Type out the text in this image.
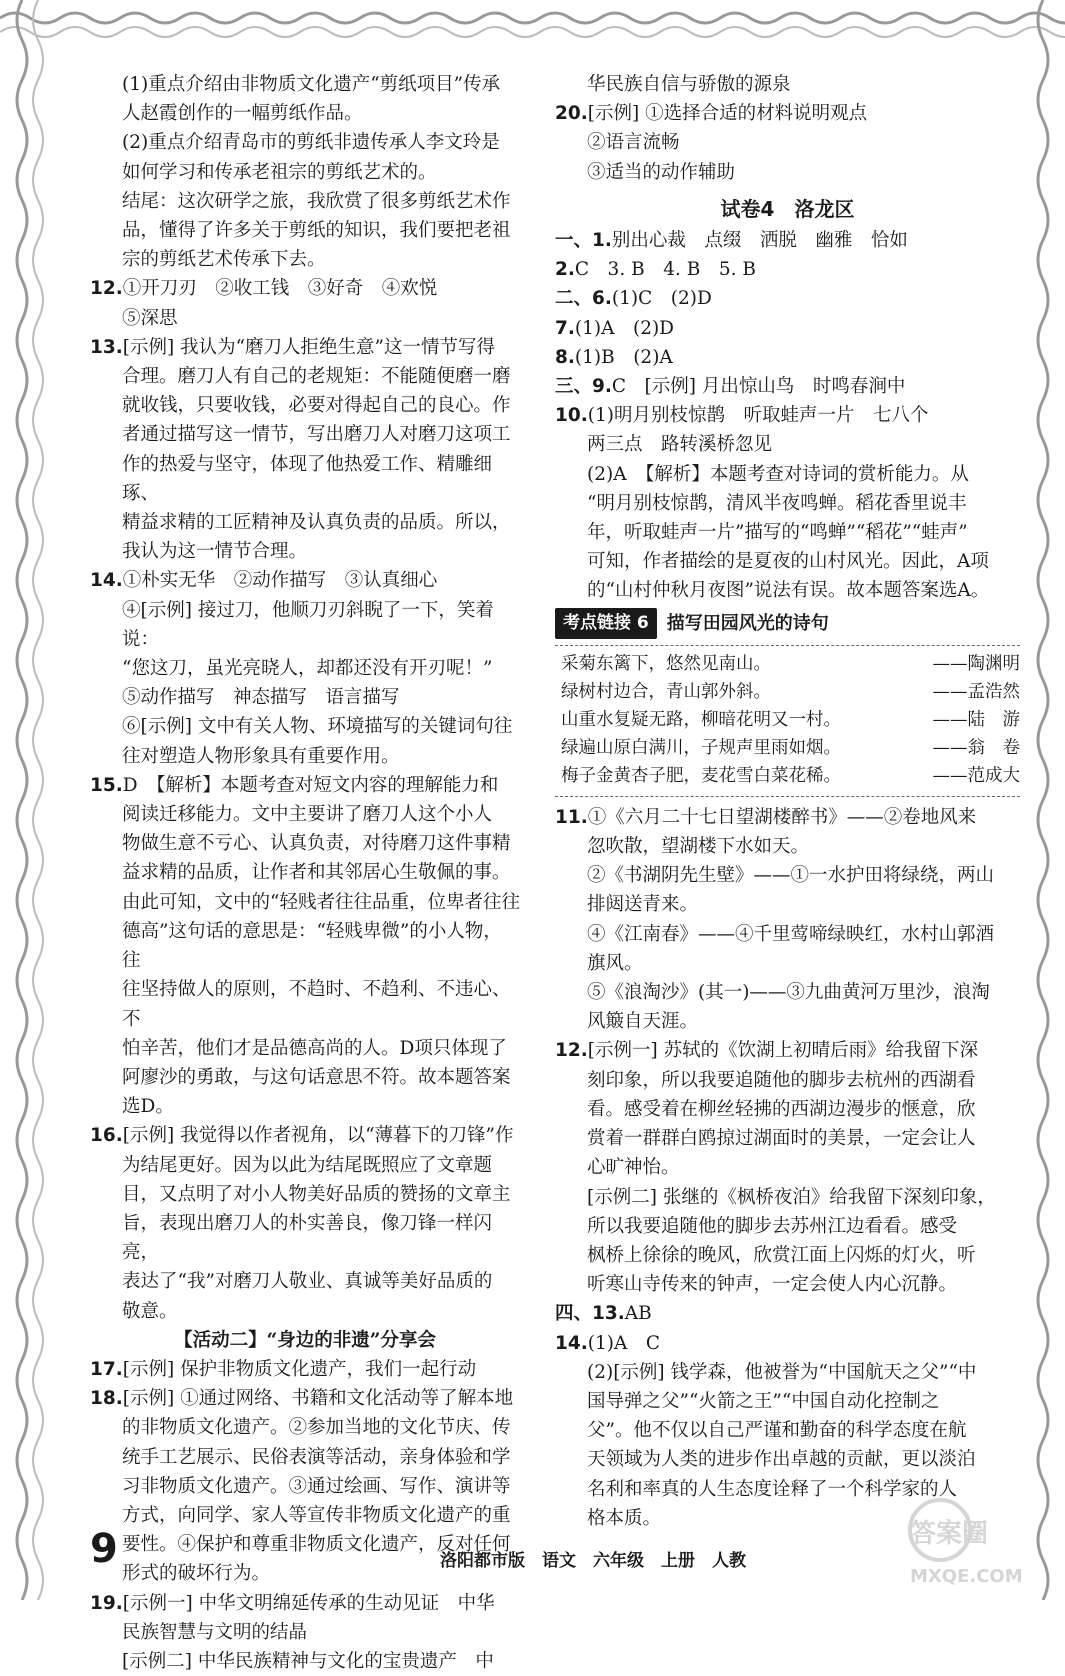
(1)重点介绍由非物质文化遗产“剪纸项目”传承

人赵霞创作的一幅剪纸作品。

(2)重点介绍青岛市的剪纸非遗传承人李文玲是

如何学习和传承老祖宗的剪纸艺术的。

结尾：这次研学之旅，我欣赏了很多剪纸艺术作

品，懂得了许多关于剪纸的知识，我们要把老祖

宗的剪纸艺术传承下去。

12.①开刀刃　②收工钱　③好奇　④欢悦

⑤深思

13.[示例] 我认为“磨刀人拒绝生意”这一情节写得

合理。磨刀人有自己的老规矩：不能随便磨一磨

就收钱，只要收钱，必要对得起自己的良心。作

者通过描写这一情节，写出磨刀人对磨刀这项工

作的热爱与坚守，体现了他热爱工作、精雕细琢、

精益求精的工匠精神及认真负责的品质。所以，

我认为这一情节合理。

14.①朴实无华　②动作描写　③认真细心

④[示例] 接过刀，他顺刀刃斜睨了一下，笑着说：

“您这刀，虽光亮晓人，却都还没有开刃呢！”

⑤动作描写　神态描写　语言描写

⑥[示例] 文中有关人物、环境描写的关键词句往

往对塑造人物形象具有重要作用。

15.D　【解析】本题考查对短文内容的理解能力和

阅读迁移能力。文中主要讲了磨刀人这个小人

物做生意不亏心、认真负责，对待磨刀这件事精

益求精的品质，让作者和其邻居心生敬佩的事。

由此可知，文中的“轻贱者往往品重，位卑者往往

德高”这句话的意思是：“轻贱卑微”的小人物，往

往坚持做人的原则，不趋时、不趋利、不违心、不

怕辛苦，他们才是品德高尚的人。D项只体现了

阿廖沙的勇敢，与这句话意思不符。故本题答案

选D。

16.[示例] 我觉得以作者视角，以“薄暮下的刀锋”作

为结尾更好。因为以此为结尾既照应了文章题

目，又点明了对小人物美好品质的赞扬的文章主

旨，表现出磨刀人的朴实善良，像刀锋一样闪亮，

表达了“我”对磨刀人敬业、真诚等美好品质的

敬意。

【活动二】“身边的非遗”分享会

17.[示例] 保护非物质文化遗产，我们一起行动

18.[示例] ①通过网络、书籍和文化活动等了解本地

的非物质文化遗产。②参加当地的文化节庆、传

统手工艺展示、民俗表演等活动，亲身体验和学

习非物质文化遗产。③通过绘画、写作、演讲等

方式，向同学、家人等宣传非物质文化遗产的重

要性。④保护和尊重非物质文化遗产，反对任何

形式的破坏行为。

19.[示例一] 中华文明绵延传承的生动见证　中华

民族智慧与文明的结晶

[示例二] 中华民族精神与文化的宝贵遗产　中

华民族自信与骄傲的源泉

20.[示例] ①选择合适的材料说明观点

②语言流畅

③适当的动作辅助

试卷4　洛龙区

一、1.别出心裁　点缀　洒脱　幽雅　恰如

2.C　3. B　4. B　5. B

二、6.(1)C　(2)D

7.(1)A　(2)D

8.(1)B　(2)A

三、9.C　[示例] 月出惊山鸟　时鸣春涧中

10.(1)明月别枝惊鹊　听取蛙声一片　七八个

两三点　路转溪桥忽见

(2)A　【解析】本题考查对诗词的赏析能力。从

“明月别枝惊鹊，清风半夜鸣蝉。稻花香里说丰

年，听取蛙声一片”描写的“鸣蝉”“稻花”“蛙声”

可知，作者描绘的是夏夜的山村风光。因此，A项

的“山村仲秋月夜图”说法有误。故本题答案选A。

考点链接 6	描写田园风光的诗句
采菊东篱下，悠然见南山。	——陶渊明
绿树村边合，青山郭外斜。	——孟浩然
山重水复疑无路，柳暗花明又一村。	——陆　游
绿遍山原白满川，子规声里雨如烟。	——翁　卷
梅子金黄杏子肥，麦花雪白菜花稀。	——范成大

11.①《六月二十七日望湖楼醉书》——②卷地风来

忽吹散，望湖楼下水如天。

②《书湖阴先生壁》——①一水护田将绿绕，两山

排闼送青来。

④《江南春》——④千里莺啼绿映红，水村山郭酒

旗风。

⑤《浪淘沙》(其一)——③九曲黄河万里沙，浪淘

风簸自天涯。

12.[示例一] 苏轼的《饮湖上初晴后雨》给我留下深

刻印象，所以我要追随他的脚步去杭州的西湖看

看。感受着在柳丝轻拂的西湖边漫步的惬意，欣

赏着一群群白鸥掠过湖面时的美景，一定会让人

心旷神怡。

[示例二] 张继的《枫桥夜泊》给我留下深刻印象，

所以我要追随他的脚步去苏州江边看看。感受

枫桥上徐徐的晚风，欣赏江面上闪烁的灯火，听

听寒山寺传来的钟声，一定会使人内心沉静。

四、13.AB

14.(1)A　C

(2)[示例] 钱学森，他被誉为“中国航天之父”“中

国导弹之父”“火箭之王”“中国自动化控制之

父”。他不仅以自己严谨和勤奋的科学态度在航

天领域为人类的进步作出卓越的贡献，更以淡泊

名利和率真的人生态度诠释了一个科学家的人

格本质。

9	洛阳都市版　语文　六年级　上册　人教
答案圈
MXQE.COM
